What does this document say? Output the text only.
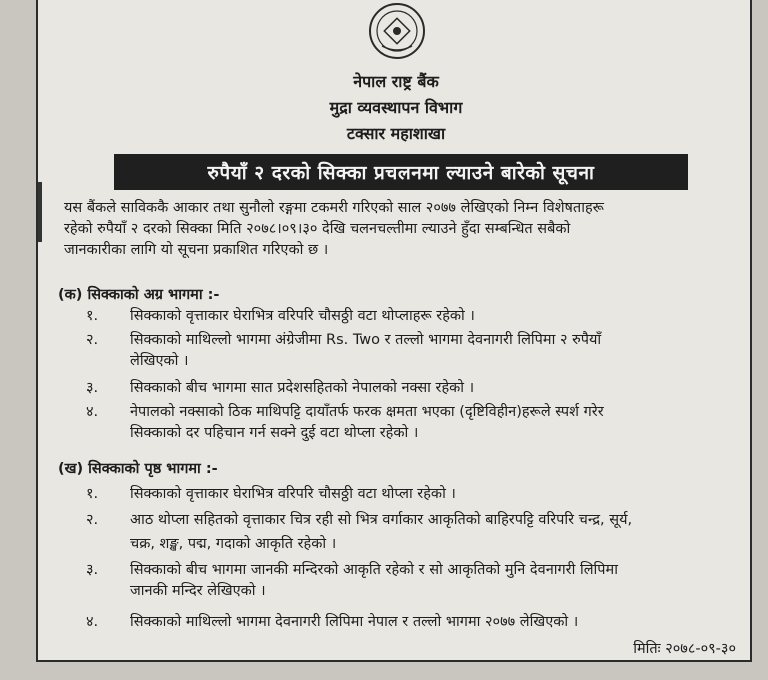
नेपाल राष्ट्र बैंक
मुद्रा व्यवस्थापन विभाग
टक्सार महाशाखा
रुपैयाँ २ दरको सिक्का प्रचलनमा ल्याउने बारेको सूचना
यस बैंकले साविककै आकार तथा सुनौलो रङ्गमा टकमरी गरिएको साल २०७७ लेखिएको निम्न विशेषताहरू
रहेको रुपैयाँ २ दरको सिक्का मिति २०७८।०९।३० देखि चलनचल्तीमा ल्याउने हुँदा सम्बन्धित सबैको
जानकारीका लागि यो सूचना प्रकाशित गरिएको छ ।
(क) सिक्काको अग्र भागमा :-
१.	सिक्काको वृत्ताकार घेराभित्र वरिपरि चौसठ्ठी वटा थोप्लाहरू रहेको ।
२.	सिक्काको माथिल्लो भागमा अंग्रेजीमा Rs. Two र तल्लो भागमा देवनागरी लिपिमा २ रुपैयाँ
लेखिएको ।
३.	सिक्काको बीच भागमा सात प्रदेशसहितको नेपालको नक्सा रहेको ।
४.	नेपालको नक्साको ठिक माथिपट्टि दायाँतर्फ फरक क्षमता भएका (दृष्टिविहीन)हरूले स्पर्श गरेर
सिक्काको दर पहिचान गर्न सक्ने दुई वटा थोप्ला रहेको ।
(ख) सिक्काको पृष्ठ भागमा :-
१.	सिक्काको वृत्ताकार घेराभित्र वरिपरि चौसठ्ठी वटा थोप्ला रहेको ।
२.	आठ थोप्ला सहितको वृत्ताकार चित्र रही सो भित्र वर्गाकार आकृतिको बाहिरपट्टि वरिपरि चन्द्र, सूर्य,
चक्र, शङ्ख, पद्म, गदाको आकृति रहेको ।
३.	सिक्काको बीच भागमा जानकी मन्दिरको आकृति रहेको र सो आकृतिको मुनि देवनागरी लिपिमा
जानकी मन्दिर लेखिएको ।
४.	सिक्काको माथिल्लो भागमा देवनागरी लिपिमा नेपाल र तल्लो भागमा २०७७ लेखिएको ।
मितिः २०७८-०९-३०
